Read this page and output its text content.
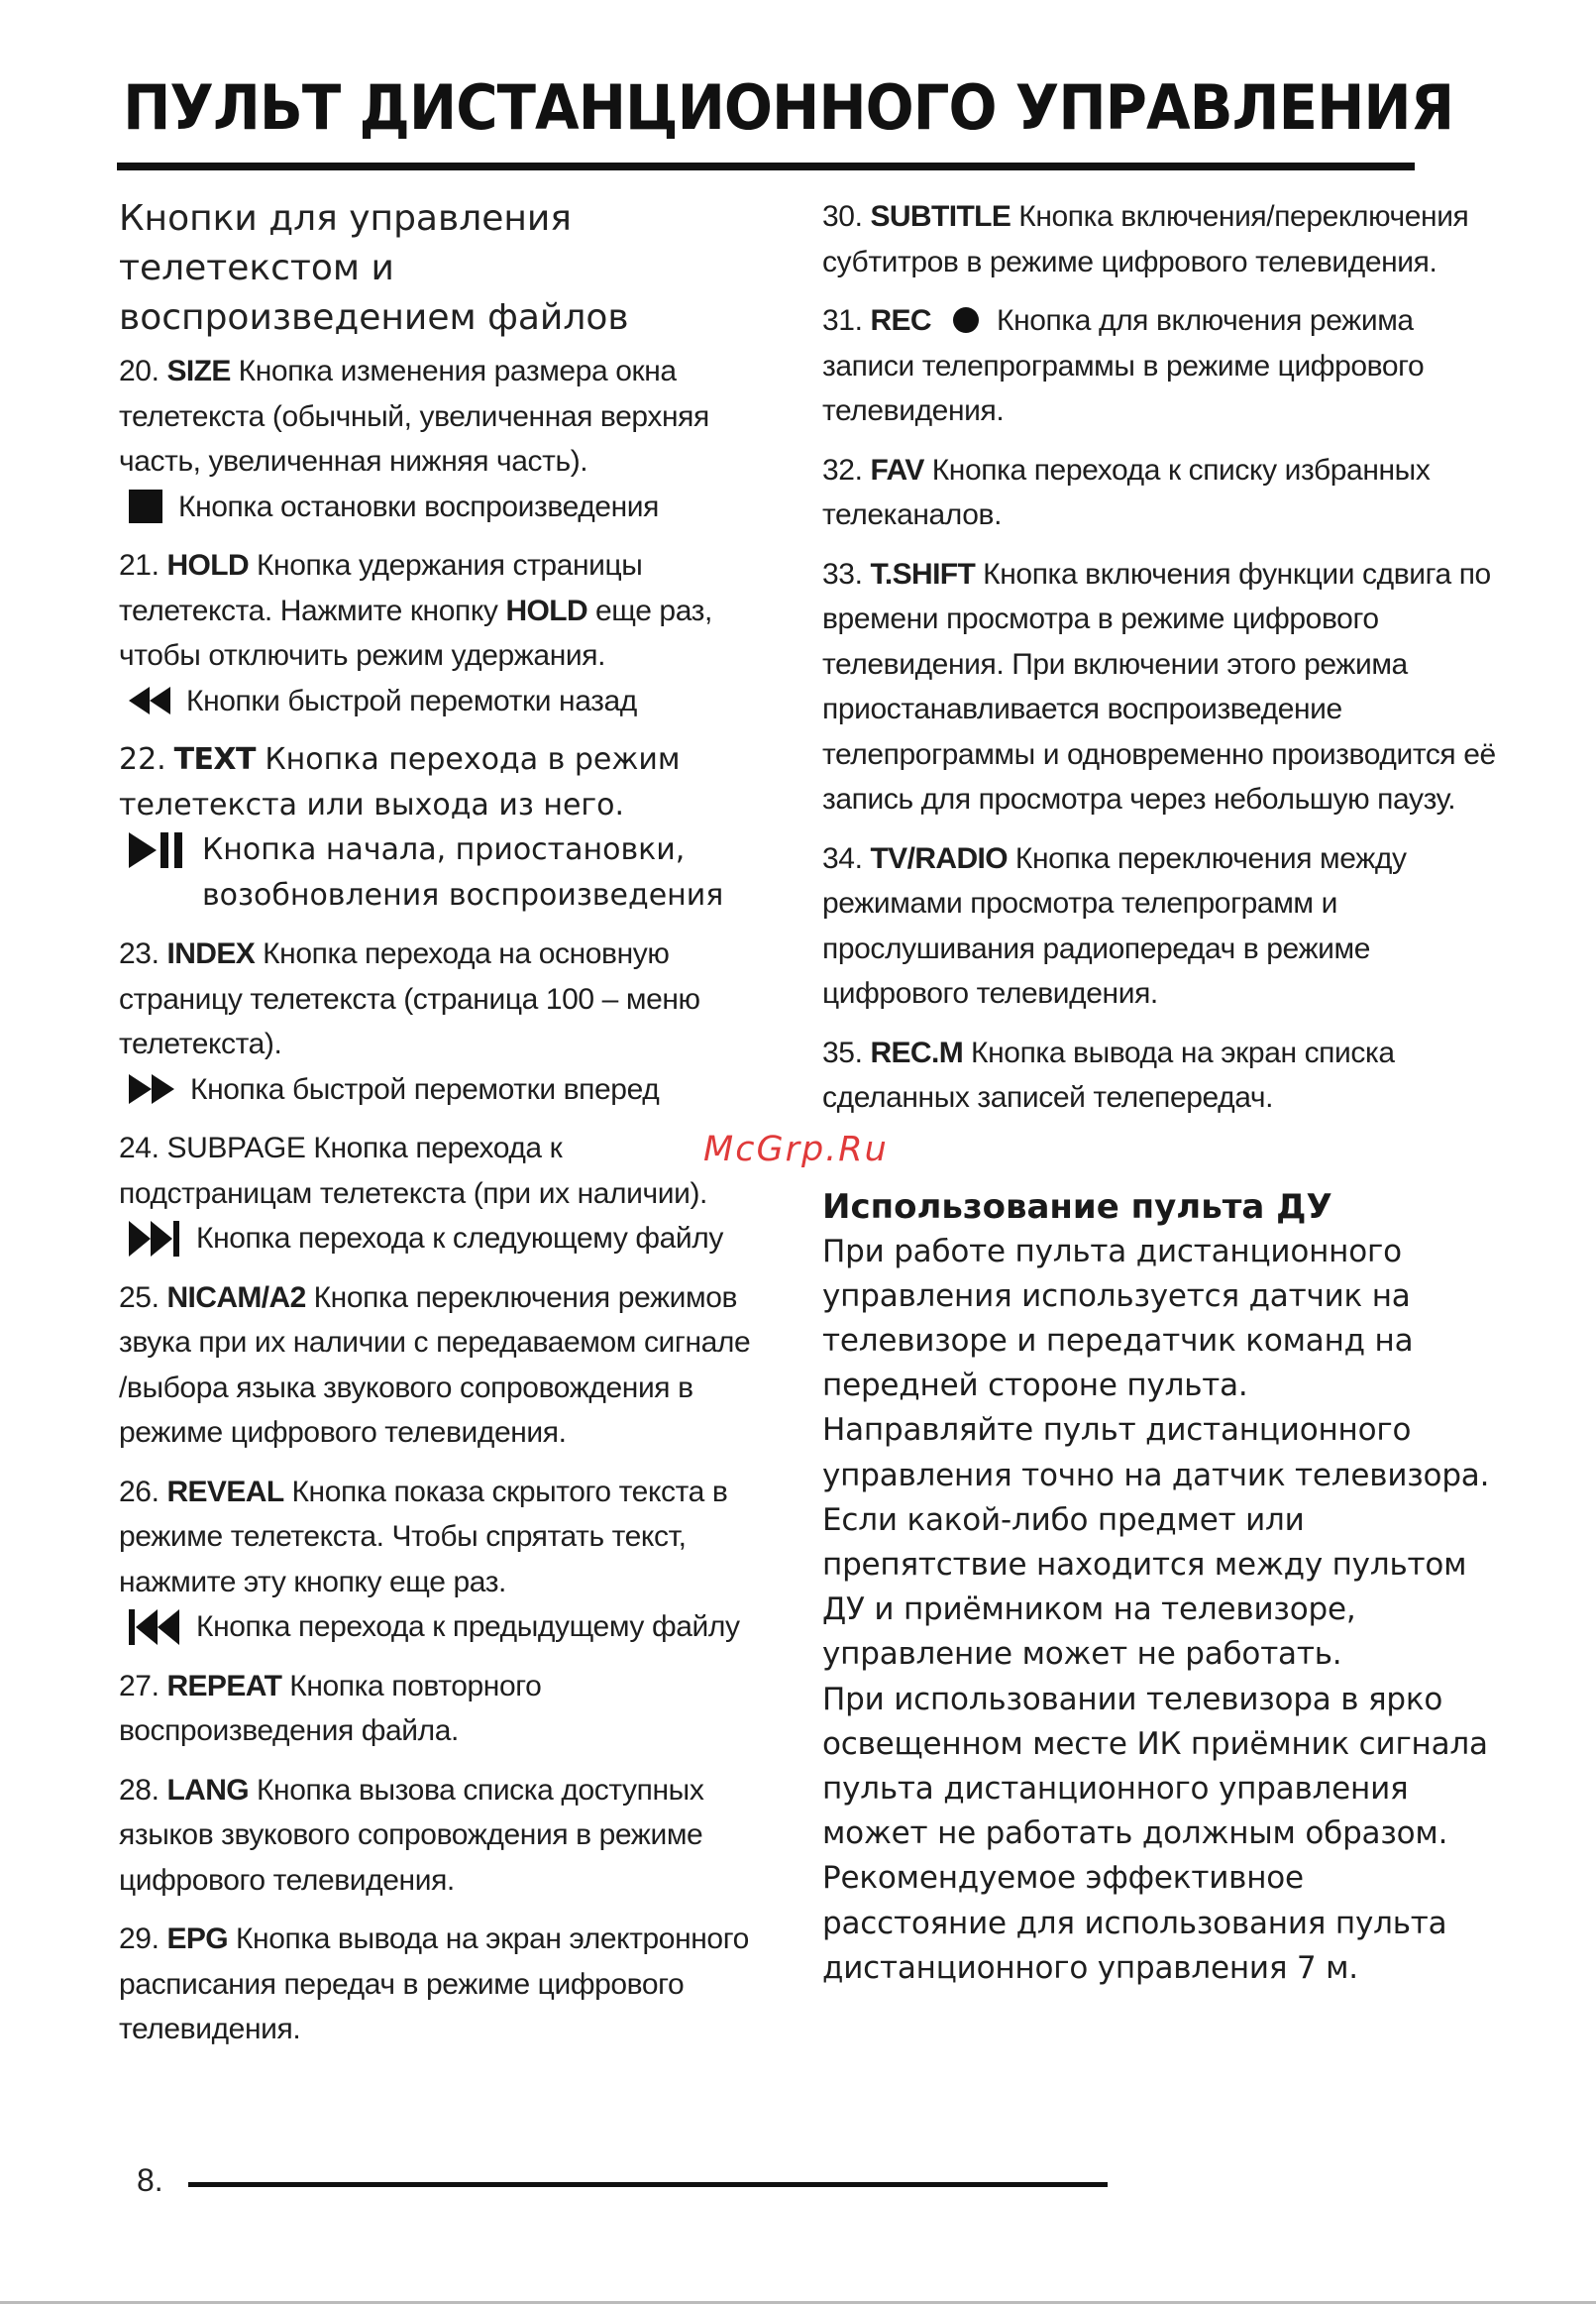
ПУЛЬТ ДИСТАНЦИОННОГО УПРАВЛЕНИЯ
Кнопки для управления телетекстом и воспроизведением файлов
20. SIZE Кнопка изменения размера окна телетекста (обычный, увеличенная верхняя часть, увеличенная нижняя часть).
Кнопка остановки воспроизведения
21. HOLD Кнопка удержания страницы телетекста. Нажмите кнопку HOLD еще раз, чтобы отключить режим удержания.
Кнопки быстрой перемотки назад
22. TEXT Кнопка перехода в режим телетекста или выхода из него.
Кнопка начала, приостановки, возобновления воспроизведения
23. INDEX Кнопка перехода на основную страницу телетекста (страница 100 – меню телетекста).
Кнопка быстрой перемотки вперед
24. SUBPAGE Кнопка перехода к подстраницам телетекста (при их наличии).
Кнопка перехода к следующему файлу
25. NICAM/A2 Кнопка переключения режимов звука при их наличии с передаваемом сигнале /выбора языка звукового сопровождения в режиме цифрового телевидения.
26. REVEAL Кнопка показа скрытого текста в режиме телетекста. Чтобы спрятать текст, нажмите эту кнопку еще раз.
Кнопка перехода к предыдущему файлу
27. REPEAT Кнопка повторного воспроизведения файла.
28. LANG Кнопка вызова списка доступных языков звукового сопровождения в режиме цифрового телевидения.
29. EPG Кнопка вывода на экран электронного расписания передач в режиме цифрового телевидения.
30. SUBTITLE Кнопка включения/переключения субтитров в режиме цифрового телевидения.
31. REC Кнопка для включения режима записи телепрограммы в режиме цифрового телевидения.
32. FAV Кнопка перехода к списку избранных телеканалов.
33. T.SHIFT Кнопка включения функции сдвига по времени просмотра в режиме цифрового телевидения. При включении этого режима приостанавливается воспроизведение телепрограммы и одновременно производится её запись для просмотра через небольшую паузу.
34. TV/RADIO Кнопка переключения между режимами просмотра телепрограмм и прослушивания радиопередач в режиме цифрового телевидения.
35. REC.M Кнопка вывода на экран списка сделанных записей телепередач.
Использование пульта ДУ

При работе пульта дистанционного управления используется датчик на телевизоре и передатчик команд на передней стороне пульта.

Направляйте пульт дистанционного управления точно на датчик телевизора. Если какой-либо предмет или препятствие находится между пультом ДУ и приёмником на телевизоре, управление может не работать.

При использовании телевизора в ярко освещенном месте ИК приёмник сигнала пульта дистанционного управления может не работать должным образом. Рекомендуемое эффективное расстояние для использования пульта дистанционного управления 7 м.

McGrp.Ru
8.
